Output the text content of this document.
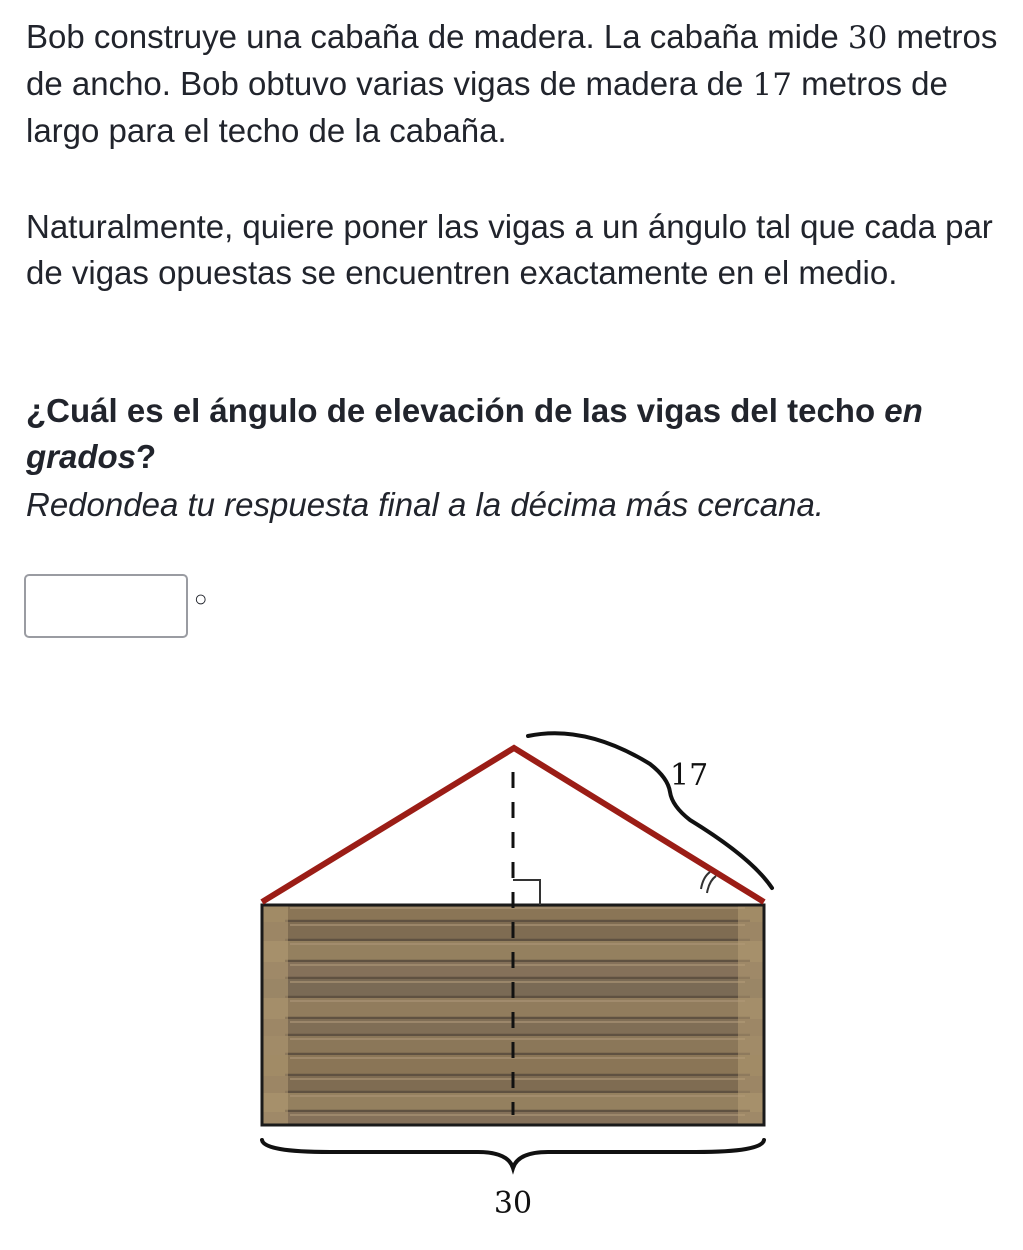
Bob construye una cabaña de madera. La cabaña mide 30 metros de ancho. Bob obtuvo varias vigas de madera de 17 metros de largo para el techo de la cabaña.

Naturalmente, quiere poner las vigas a un ángulo tal que cada par de vigas opuestas se encuentren exactamente en el medio.

¿Cuál es el ángulo de elevación de las vigas del techo en grados?

Redondea tu respuesta final a la décima más cercana.
○
17
30
